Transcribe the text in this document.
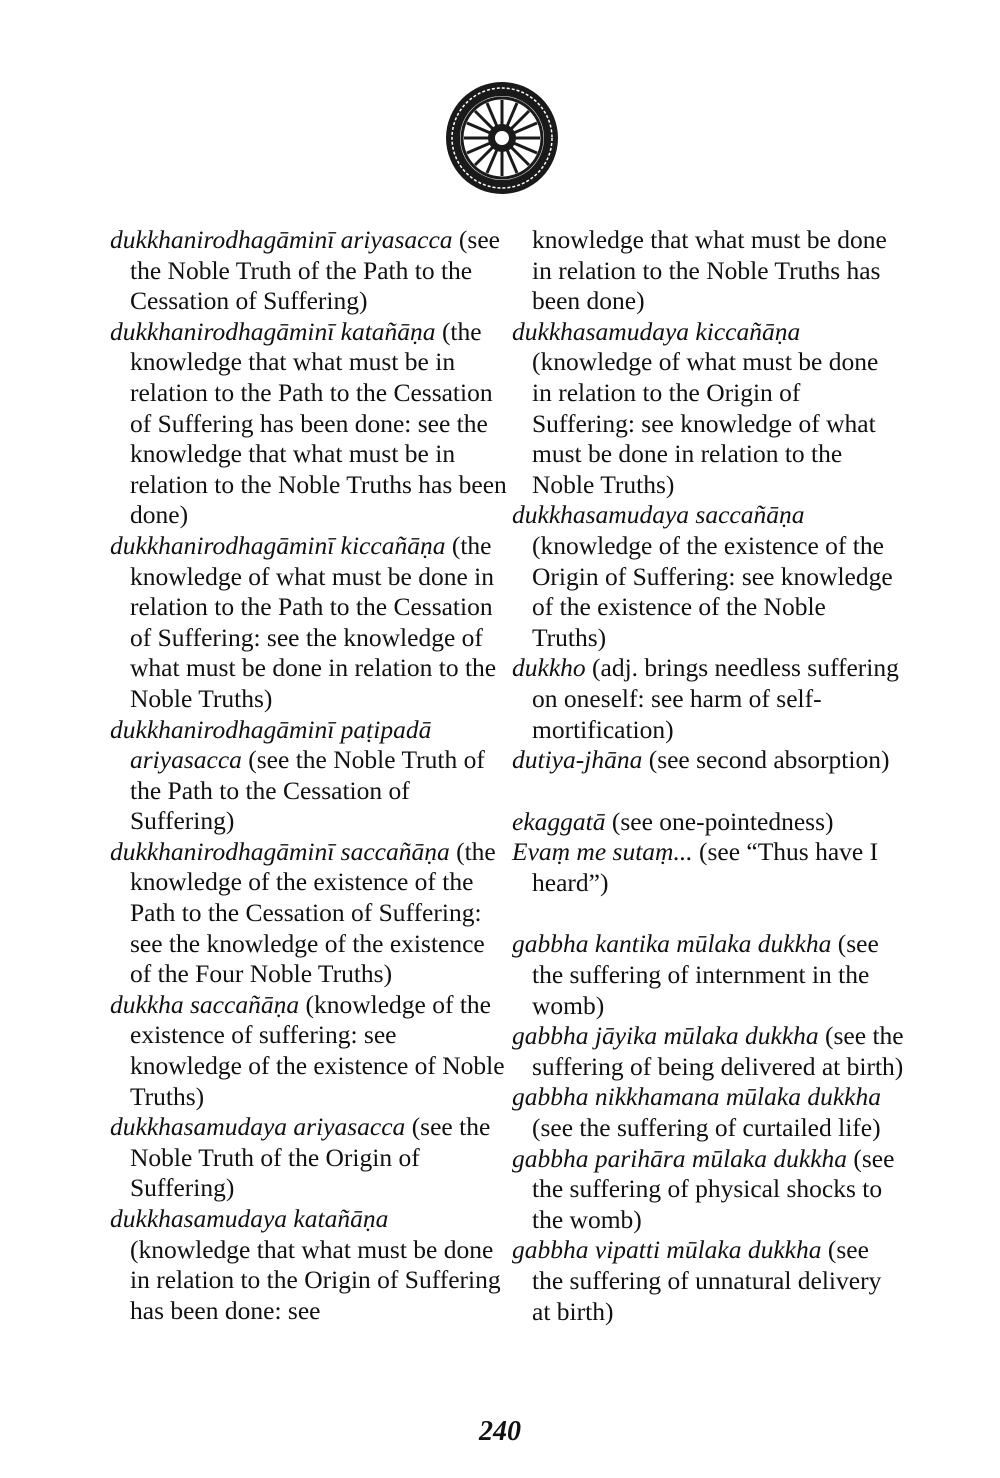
dukkhanirodhagāminī ariyasacca (see the Noble Truth of the Path to the Cessation of Suffering)
dukkhanirodhagāminī katañāṇa (the knowledge that what must be in relation to the Path to the Cessation of Suffering has been done: see the knowledge that what must be in relation to the Noble Truths has been done)
dukkhanirodhagāminī kiccañāṇa (the knowledge of what must be done in relation to the Path to the Cessation of Suffering: see the knowledge of what must be done in relation to the Noble Truths)
dukkhanirodhagāminī paṭipadā ariyasacca (see the Noble Truth of the Path to the Cessation of Suffering)
dukkhanirodhagāminī saccañāṇa (the knowledge of the existence of the Path to the Cessation of Suffering: see the knowledge of the existence of the Four Noble Truths)
dukkha saccañāṇa (knowledge of the existence of suffering: see knowledge of the existence of Noble Truths)
dukkhasamudaya ariyasacca (see the Noble Truth of the Origin of Suffering)
dukkhasamudaya katañāṇa (knowledge that what must be done in relation to the Origin of Suffering has been done: see
knowledge that what must be done in relation to the Noble Truths has been done)
dukkhasamudaya kiccañāṇa (knowledge of what must be done in relation to the Origin of Suffering: see knowledge of what must be done in relation to the Noble Truths)
dukkhasamudaya saccañāṇa (knowledge of the existence of the Origin of Suffering: see knowledge of the existence of the Noble Truths)
dukkho (adj. brings needless suffering on oneself: see harm of self-mortification)
dutiya-jhāna (see second absorption)
ekaggatā (see one-pointedness)
Evaṃ me sutaṃ... (see “Thus have I heard”)
gabbha kantika mūlaka dukkha (see the suffering of internment in the womb)
gabbha jāyika mūlaka dukkha (see the suffering of being delivered at birth)
gabbha nikkhamana mūlaka dukkha (see the suffering of curtailed life)
gabbha parihāra mūlaka dukkha (see the suffering of physical shocks to the womb)
gabbha vipatti mūlaka dukkha (see the suffering of unnatural delivery at birth)
240
